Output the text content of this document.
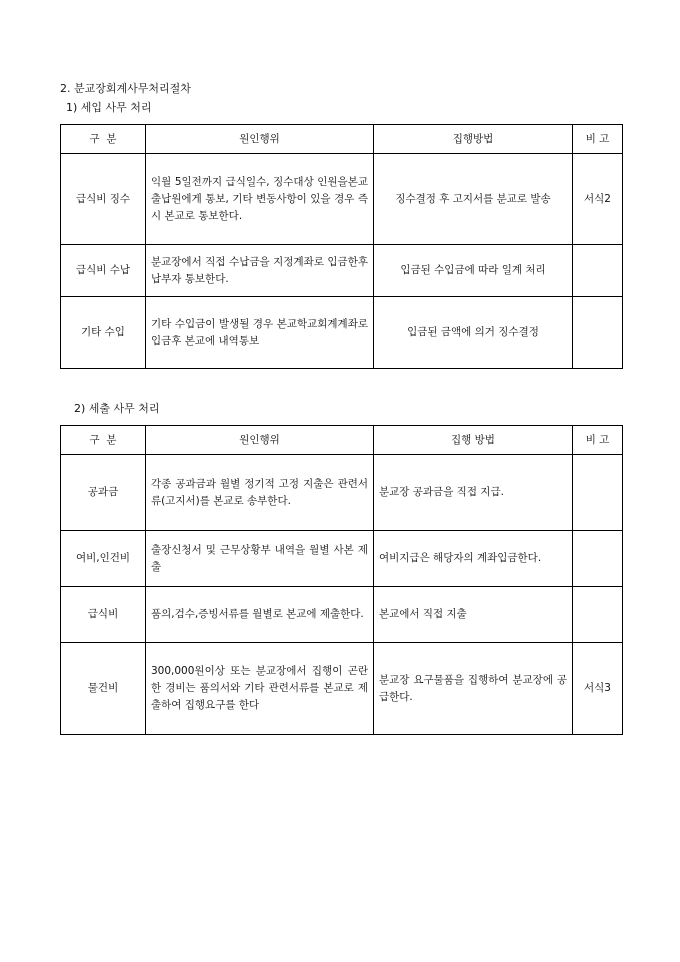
2. 분교장회계사무처리절차
1) 세입 사무 처리
구  분	원인행위	집행방법	비 고
급식비 징수	익월 5일전까지 급식일수, 징수대상 인원을본교 출납원에게 통보, 기타 변동사항이 있을 경우 즉시 본교로 통보한다.	징수결정 후 고지서를 분교로 발송	서식2
급식비 수납	분교장에서 직접 수납금을 지정계좌로 입금한후 납부자 통보한다.	입금된 수입금에 따라 일계 처리	
기타 수입	기타 수입금이 발생될 경우 본교학교회계계좌로 입금후 본교에 내역통보	입금된 금액에 의거 징수결정	
2) 세출 사무 처리
구  분	원인행위	집행 방법	비 고
공과금	각종 공과금과 월별 정기적 고정 지출은 관련서류(고지서)를 본교로 송부한다.	분교장 공과금을 직접 지급.	
여비,인건비	출장신청서 및 근무상황부 내역을 월별 사본 제출	여비지급은 해당자의 계좌입금한다.	
급식비	품의,검수,증빙서류를 월별로 본교에 제출한다.	본교에서 직접 지출	
물건비	300,000원이상 또는 분교장에서 집행이 곤란한 경비는 품의서와 기타 관련서류를 본교로 제출하여 집행요구를 한다	분교장 요구물품을 집행하여 분교장에 공급한다.	서식3
